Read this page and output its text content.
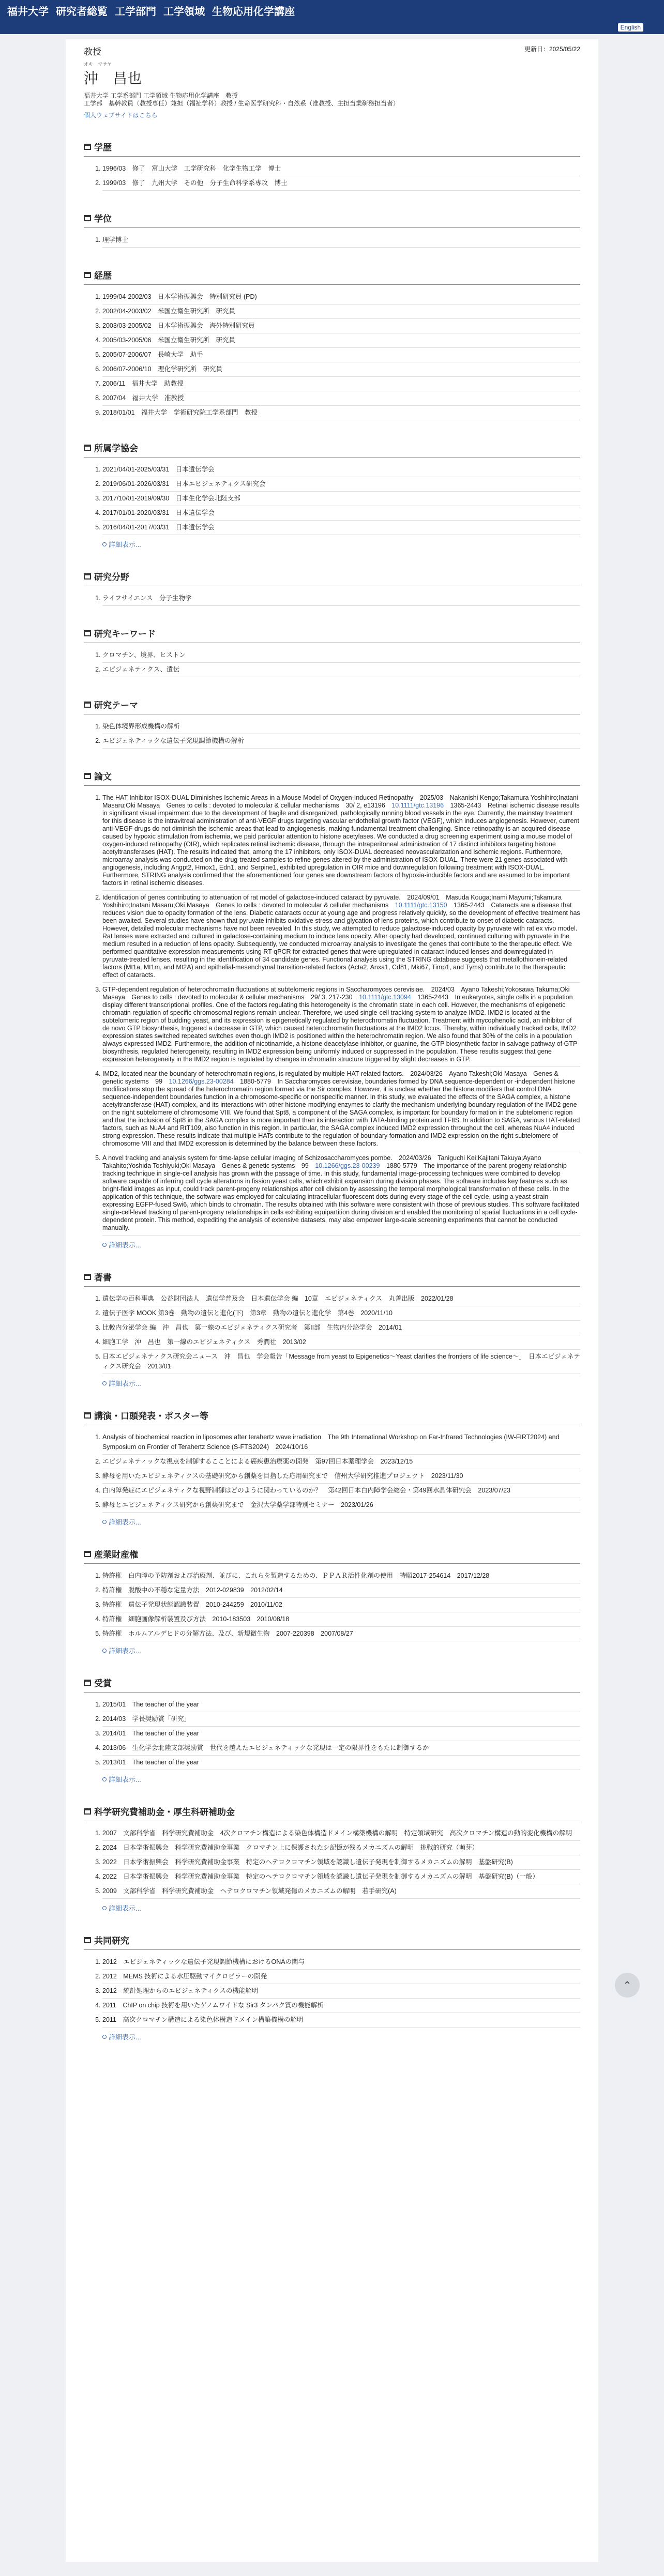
福井大学 研究者総覧 工学部門 工学領域 生物応用化学講座
English
教授	更新日：2025/05/22
オキ　マサヤ
沖　昌也
福井大学 工学系部門 工学領域 生物応用化学講座　教授
工学部　基幹教員（教授専任）兼担（福祉学科）教授 / 生命医学研究科・自然系（准教授、主担当業研務担当者）
個人ウェブサイトはこちら
学歴
1. 1996/03　修了　富山大学　工学研究科　化学生物工学　博士
2. 1999/03　修了　九州大学　その他　分子生命科学系専攻　博士
学位
1. 理学博士
経歴
1. 1999/04-2002/03　日本学術振興会　特別研究員 (PD)
2. 2002/04-2003/02　米国立衛生研究所　研究員
3. 2003/03-2005/02　日本学術振興会　海外特別研究員
4. 2005/03-2005/06　米国立衛生研究所　研究員
5. 2005/07-2006/07　長崎大学　助手
6. 2006/07-2006/10　理化学研究所　研究員
7. 2006/11　福井大学　助教授
8. 2007/04　福井大学　准教授
9. 2018/01/01　福井大学　学術研究院工学系部門　教授
所属学協会
1. 2021/04/01-2025/03/31　日本遺伝学会
2. 2019/06/01-2026/03/31　日本エピジェネティクス研究会
3. 2017/10/01-2019/09/30　日本生化学会北陸支部
4. 2017/01/01-2020/03/31　日本遺伝学会
5. 2016/04/01-2017/03/31　日本遺伝学会
詳細表示...
研究分野
1. ライフサイエンス　分子生物学
研究キーワード
1. クロマチン、境界、ヒストン
2. エピジェネティクス、遺伝
研究テーマ
1. 染色体境界形成機構の解析
2. エピジェネティックな遺伝子発現調節機構の解析
論文
1. The HAT Inhibitor ISOX-DUAL Diminishes Ischemic Areas in a Mouse Model of Oxygen-Induced Retinopathy　2025/03　Nakanishi Kengo;Takamura Yoshihiro;Inatani Masaru;Oki Masaya　Genes to cells : devoted to molecular & cellular mechanisms　30/ 2, e13196　10.1111/gtc.13196　1365-2443　Retinal ischemic disease results in significant visual impairment due to the development of fragile and disorganized, pathologically running blood vessels in the eye. Currently, the mainstay treatment for this disease is the intravitreal administration of anti-VEGF drugs targeting vascular endothelial growth factor (VEGF), which induces angiogenesis. However, current anti-VEGF drugs do not diminish the ischemic areas that lead to angiogenesis, making fundamental treatment challenging. Since retinopathy is an acquired disease caused by hypoxic stimulation from ischemia, we paid particular attention to histone acetylases. We conducted a drug screening experiment using a mouse model of oxygen-induced retinopathy (OIR), which replicates retinal ischemic disease, through the intraperitoneal administration of 17 distinct inhibitors targeting histone acetyltransferases (HAT). The results indicated that, among the 17 inhibitors, only ISOX-DUAL decreased neovascularization and ischemic regions. Furthermore, microarray analysis was conducted on the drug-treated samples to refine genes altered by the administration of ISOX-DUAL. There were 21 genes associated with angiogenesis, including Angpt2, Hmox1, Edn1, and Serpine1, exhibited upregulation in OIR mice and downregulation following treatment with ISOX-DUAL. Furthermore, STRING analysis confirmed that the aforementioned four genes are downstream factors of hypoxia-inducible factors and are assumed to be important factors in retinal ischemic diseases.
2. Identification of genes contributing to attenuation of rat model of galactose-induced cataract by pyruvate.　2024/09/01　Masuda Kouga;Inami Mayumi;Takamura Yoshihiro;Inatani Masaru;Oki Masaya　Genes to cells : devoted to molecular & cellular mechanisms　10.1111/gtc.13150　1365-2443　Cataracts are a disease that reduces vision due to opacity formation of the lens. Diabetic cataracts occur at young age and progress relatively quickly, so the development of effective treatment has been awaited. Several studies have shown that pyruvate inhibits oxidative stress and glycation of lens proteins, which contribute to onset of diabetic cataracts. However, detailed molecular mechanisms have not been revealed. In this study, we attempted to reduce galactose-induced opacity by pyruvate with rat ex vivo model. Rat lenses were extracted and cultured in galactose-containing medium to induce lens opacity. After opacity had developed, continued culturing with pyruvate in the medium resulted in a reduction of lens opacity. Subsequently, we conducted microarray analysis to investigate the genes that contribute to the therapeutic effect. We performed quantitative expression measurements using RT-qPCR for extracted genes that were upregulated in cataract-induced lenses and downregulated in pyruvate-treated lenses, resulting in the identification of 34 candidate genes. Functional analysis using the STRING database suggests that metallothionein-related factors (Mt1a, Mt1m, and Mt2A) and epithelial-mesenchymal transition-related factors (Acta2, Anxa1, Cd81, Mki67, Timp1, and Tyms) contribute to the therapeutic effect of cataracts.
3. GTP-dependent regulation of heterochromatin fluctuations at subtelomeric regions in Saccharomyces cerevisiae.　2024/03　Ayano Takeshi;Yokosawa Takuma;Oki Masaya　Genes to cells : devoted to molecular & cellular mechanisms　29/ 3, 217-230　10.1111/gtc.13094　1365-2443　In eukaryotes, single cells in a population display different transcriptional profiles. One of the factors regulating this heterogeneity is the chromatin state in each cell. However, the mechanisms of epigenetic chromatin regulation of specific chromosomal regions remain unclear. Therefore, we used single-cell tracking system to analyze IMD2. IMD2 is located at the subtelomeric region of budding yeast, and its expression is epigenetically regulated by heterochromatin fluctuation. Treatment with mycophenolic acid, an inhibitor of de novo GTP biosynthesis, triggered a decrease in GTP, which caused heterochromatin fluctuations at the IMD2 locus. Thereby, within individually tracked cells, IMD2 expression states switched repeated switches even though IMD2 is positioned within the heterochromatin region. We also found that 30% of the cells in a population always expressed IMD2. Furthermore, the addition of nicotinamide, a histone deacetylase inhibitor, or guanine, the GTP biosynthetic factor in salvage pathway of GTP biosynthesis, regulated heterogeneity, resulting in IMD2 expression being uniformly induced or suppressed in the population. These results suggest that gene expression heterogeneity in the IMD2 region is regulated by changes in chromatin structure triggered by slight decreases in GTP.
4. IMD2, located near the boundary of heterochromatin regions, is regulated by multiple HAT-related factors.　2024/03/26　Ayano Takeshi;Oki Masaya　Genes & genetic systems　99　10.1266/ggs.23-00284　1880-5779　In Saccharomyces cerevisiae, boundaries formed by DNA sequence-dependent or -independent histone modifications stop the spread of the heterochromatin region formed via the Sir complex. However, it is unclear whether the histone modifiers that control DNA sequence-independent boundaries function in a chromosome-specific or nonspecific manner. In this study, we evaluated the effects of the SAGA complex, a histone acetyltransferase (HAT) complex, and its interactions with other histone-modifying enzymes to clarify the mechanism underlying boundary regulation of the IMD2 gene on the right subtelomere of chromosome VIII. We found that Spt8, a component of the SAGA complex, is important for boundary formation in the subtelomeric region and that the inclusion of Spt8 in the SAGA complex is more important than its interaction with TATA-binding protein and TFIIS. In addition to SAGA, various HAT-related factors, such as NuA4 and RtT109, also function in this region. In particular, the SAGA complex induced IMD2 expression throughout the cell, whereas NuA4 induced strong expression. These results indicate that multiple HATs contribute to the regulation of boundary formation and IMD2 expression on the right subtelomere of chromosome VIII and that IMD2 expression is determined by the balance between these factors.
5. A novel tracking and analysis system for time-lapse cellular imaging of Schizosaccharomyces pombe.　2024/03/26　Taniguchi Kei;Kajitani Takuya;Ayano Takahito;Yoshida Toshiyuki;Oki Masaya　Genes & genetic systems　99　10.1266/ggs.23-00239　1880-5779　The importance of the parent progeny relationship tracking technique in single-cell analysis has grown with the passage of time. In this study, fundamental image-processing techniques were combined to develop software capable of inferring cell cycle alterations in fission yeast cells, which exhibit expansion during division phases. The software includes key features such as bright-field images as input, could track parent-progeny relationships after cell division by assessing the temporal morphological transformation of these cells. In the application of this technique, the software was employed for calculating intracellular fluorescent dots during every stage of the cell cycle, using a yeast strain expressing EGFP-fused Swi6, which binds to chromatin. The results obtained with this software were consistent with those of previous studies. This software facilitated single-cell-level tracking of parent-progeny relationships in cells exhibiting equipartition during division and enabled the monitoring of spatial fluctuations in a cell cycle-dependent protein. This method, expediting the analysis of extensive datasets, may also empower large-scale screening experiments that cannot be conducted manually.
詳細表示...
著書
1. 遺伝学の百科事典　公益財団法人　遺伝学普及会　日本遺伝学会 編　10章　エピジェネティクス　丸善出版　2022/01/28
2. 遺伝子医学 MOOK 第3巻　動物の遺伝と進化(下)　第3章　動物の遺伝と進化学　第4巻　2020/11/10
3. 比較内分泌学会 編　沖　昌也　第一線のエピジェネティクス研究者　第II部　生物内分泌学会　2014/01
4. 細胞工学　沖　昌也　第一線のエピジェネティクス　秀潤社　2013/02
5. 日本エピジェネティクス研究会ニュース　沖　昌也　学会報告「Message from yeast to Epigenetics～Yeast clarifies the frontiers of life science～」　日本エピジェネティクス研究会　2013/01
詳細表示...
講演・口頭発表・ポスター等
1. Analysis of biochemical reaction in liposomes after terahertz wave irradiation　The 9th International Workshop on Far-Infrared Technologies (IW-FIRT2024) and Symposium on Frontier of Terahertz Science (S-FTS2024)　2024/10/16
2. エピジェネティックな視点を制御するこことによる癌疾患治療薬の開発　第97回日本薬理学会　2023/12/15
3. 酵母を用いたエピジェネティクスの基礎研究から創薬を目指した応用研究まで　信州大学研究推進プロジェクト　2023/11/30
4. 白内障発症にエピジェネティクな視野制御はどのように関わっているのか？　第42回日本白内障学会総会・第49回水晶体研究会　2023/07/23
5. 酵母とエピジェネティクス研究から創薬研究まで　金沢大学薬学部特別セミナー　2023/01/26
詳細表示...
産業財産権
1. 特許権　白内障の予防剤および治療剤、並びに、これらを製造するための、ＰＰＡＲ活性化剤の使用　特願2017-254614　2017/12/28
2. 特許権　脱酸中の不穏な定量方法　2012-029839　2012/02/14
3. 特許権　遺伝子発現状態認識装置　2010-244259　2010/11/02
4. 特許権　細胞画像解析装置及び方法　2010-183503　2010/08/18
5. 特許権　ホルムアルデヒドの分解方法、及び、新規微生物　2007-220398　2007/08/27
詳細表示...
受賞
1. 2015/01　The teacher of the year
2. 2014/03　学長奨励賞「研究」
3. 2014/01　The teacher of the year
4. 2013/06　生化学会北陸支部奨励賞　世代を越えたエピジェネティックな発現は一定の限界性をもたに制御するか
5. 2013/01　The teacher of the year
詳細表示...
科学研究費補助金・厚生科研補助金
1. 2007　文部科学省　科学研究費補助金　4次クロマチン構造による染色体構造ドメイン構築機構の解明　特定領域研究　高次クロマチン構造の動的変化機構の解明
2. 2024　日本学術振興会　科学研究費補助金事業　クロマチン上に保護されたシ記憶が残るメカニズムの解明　挑戦的研究（萌芽）
3. 2022　日本学術振興会　科学研究費補助金事業　特定のヘテロクロマチン領域を認識し遺伝子発現を制御するメカニズムの解明　基盤研究(B)
4. 2022　日本学術振興会　科学研究費補助金事業　特定のヘテロクロマチン領域を認識し遺伝子発現を制御するメカニズムの解明　基盤研究(B)（一般）
5. 2009　文部科学省　科学研究費補助金　ヘテロクロマチン領域発傷のメカニズムの解明　若手研究(A)
詳細表示...
共同研究
1. 2012　エピジェネティックな遺伝子発現調節機構におけるONAの関与
2. 2012　MEMS 技術による水圧駆動マイクロピラーの開発
3. 2012　統計処理からのエピジェネティクスの機能解明
4. 2011　ChIP on chip 技術を用いたゲノムワイドな Sir3 タンパク質の機能解析
5. 2011　高次クロマチン構造による染色体構造ドメイン構築機構の解明
詳細表示...
⌃
